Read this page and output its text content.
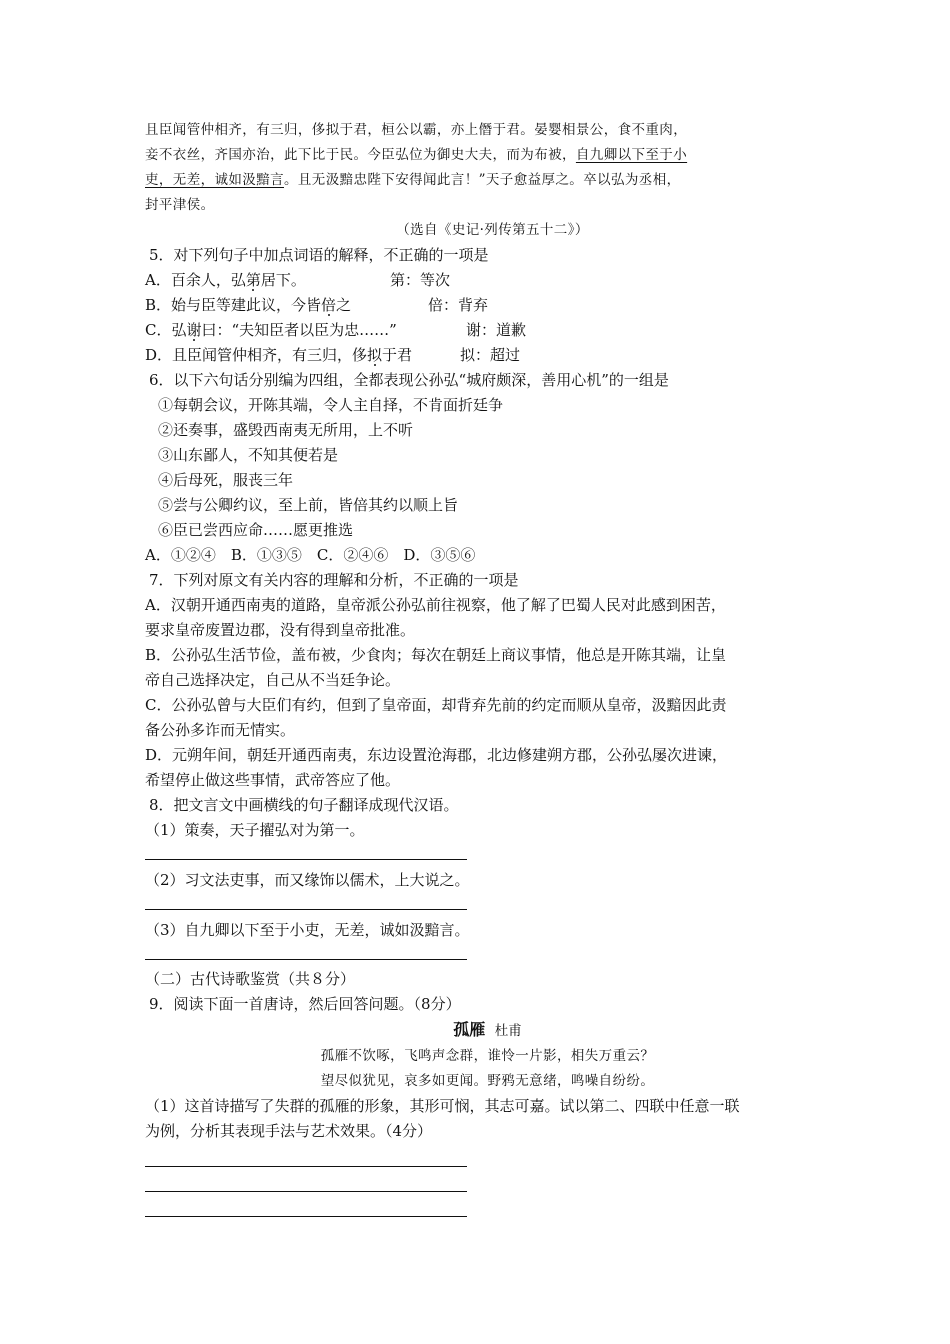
且臣闻管仲相齐，有三归，侈拟于君，桓公以霸，亦上僭于君。晏婴相景公，食不重肉，
妾不衣丝，齐国亦治，此下比于民。今臣弘位为御史大夫，而为布被，自九卿以下至于小
吏，无差，诚如汲黯言。且无汲黯忠陛下安得闻此言！”天子愈益厚之。卒以弘为丞相，
封平津侯。
（选自《史记·列传第五十二》）
5．对下列句子中加点词语的解释，不正确的一项是
A．百余人，弘第居下。	第：等次
B．始与臣等建此议，今皆倍之	倍：背弃
C．弘谢曰：“夫知臣者以臣为忠……”	谢：道歉
D．且臣闻管仲相齐，有三归，侈拟于君	拟：超过
6．以下六句话分别编为四组，全都表现公孙弘“城府颇深，善用心机”的一组是
①每朝会议，开陈其端，令人主自择，不肯面折廷争
②还奏事，盛毁西南夷无所用，上不听
③山东鄙人，不知其便若是
④后母死，服丧三年
⑤尝与公卿约议，至上前，皆倍其约以顺上旨
⑥臣已尝西应命……愿更推选
A．①②④　B．①③⑤　C．②④⑥　D．③⑤⑥
7．下列对原文有关内容的理解和分析，不正确的一项是
A．汉朝开通西南夷的道路，皇帝派公孙弘前往视察，他了解了巴蜀人民对此感到困苦，
要求皇帝废置边郡，没有得到皇帝批准。
B．公孙弘生活节俭，盖布被，少食肉；每次在朝廷上商议事情，他总是开陈其端，让皇
帝自己选择决定，自己从不当廷争论。
C．公孙弘曾与大臣们有约，但到了皇帝面，却背弃先前的约定而顺从皇帝，汲黯因此责
备公孙多诈而无情实。
D．元朔年间，朝廷开通西南夷，东边设置沧海郡，北边修建朔方郡，公孙弘屡次进谏，
希望停止做这些事情，武帝答应了他。
8．把文言文中画横线的句子翻译成现代汉语。
（1）策奏，天子擢弘对为第一。
（2）习文法吏事，而又缘饰以儒术，上大说之。
（3）自九卿以下至于小吏，无差，诚如汲黯言。
（二）古代诗歌鉴赏（共８分）
9．阅读下面一首唐诗，然后回答问题。（8分）
孤雁 杜甫
孤雁不饮啄，飞鸣声念群，谁怜一片影，相失万重云？
望尽似犹见，哀多如更闻。野鸦无意绪，鸣噪自纷纷。
（1）这首诗描写了失群的孤雁的形象，其形可悯，其志可嘉。试以第二、四联中任意一联
为例，分析其表现手法与艺术效果。（4分）
